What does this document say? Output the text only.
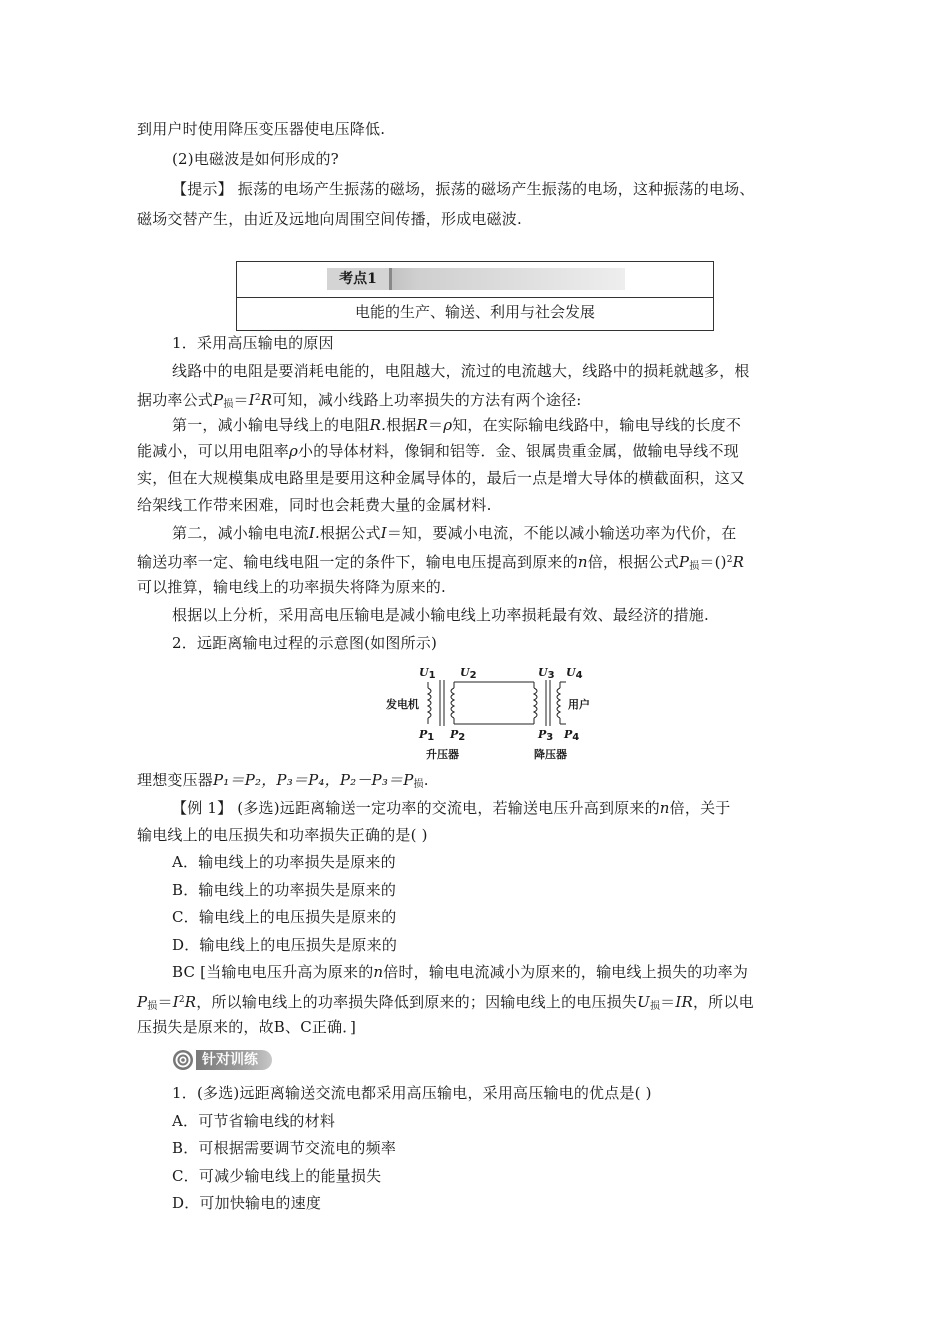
到用户时使用降压变压器使电压降低.
(2)电磁波是如何形成的?
【提示】 振荡的电场产生振荡的磁场，振荡的磁场产生振荡的电场，这种振荡的电场、
磁场交替产生，由近及远地向周围空间传播，形成电磁波.
考点1
电能的生产、输送、利用与社会发展
1．采用高压输电的原因
线路中的电阻是要消耗电能的，电阻越大，流过的电流越大，线路中的损耗就越多，根
据功率公式$P_损=I^2R$可知，减小线路上功率损失的方法有两个途径:
第一，减小输电导线上的电阻R.根据R＝ρ知，在实际输电线路中，输电导线的长度不
能减小，可以用电阻率ρ小的导体材料，像铜和铝等．金、银属贵重金属，做输电导线不现
实，但在大规模集成电路里是要用这种金属导体的，最后一点是增大导体的横截面积，这又
给架线工作带来困难，同时也会耗费大量的金属材料.
第二，减小输电电流I.根据公式I＝知，要减小电流，不能以减小输送功率为代价，在
输送功率一定、输电线电阻一定的条件下，输电电压提高到原来的n倍，根据公式$P_损=()^2R$
可以推算，输电线上的功率损失将降为原来的.
根据以上分析，采用高电压输电是减小输电线上功率损耗最有效、最经济的措施.
2．远距离输电过程的示意图(如图所示)
$U_1$ $U_2$	$U_3$ $U_4$
发电机	用户
$P_1$ $P_2$	$P_3$ $P_4$
升压器	降压器
理想变压器P₁＝P₂，P₃＝P₄，$P_2-P_3=P_损$.
【例 1】 (多选)远距离输送一定功率的交流电，若输送电压升高到原来的n倍，关于
输电线上的电压损失和功率损失正确的是( )
A．输电线上的功率损失是原来的
B．输电线上的功率损失是原来的
C．输电线上的电压损失是原来的
D．输电线上的电压损失是原来的
BC [当输电电压升高为原来的n倍时，输电电流减小为原来的，输电线上损失的功率为
$P_损=I^2R$，所以输电线上的功率损失降低到原来的；因输电线上的电压损失$U_损=IR$，所以电
压损失是原来的，故B、C正确．]
针对训练
1．(多选)远距离输送交流电都采用高压输电，采用高压输电的优点是( )
A．可节省输电线的材料
B．可根据需要调节交流电的频率
C．可减少输电线上的能量损失
D．可加快输电的速度
